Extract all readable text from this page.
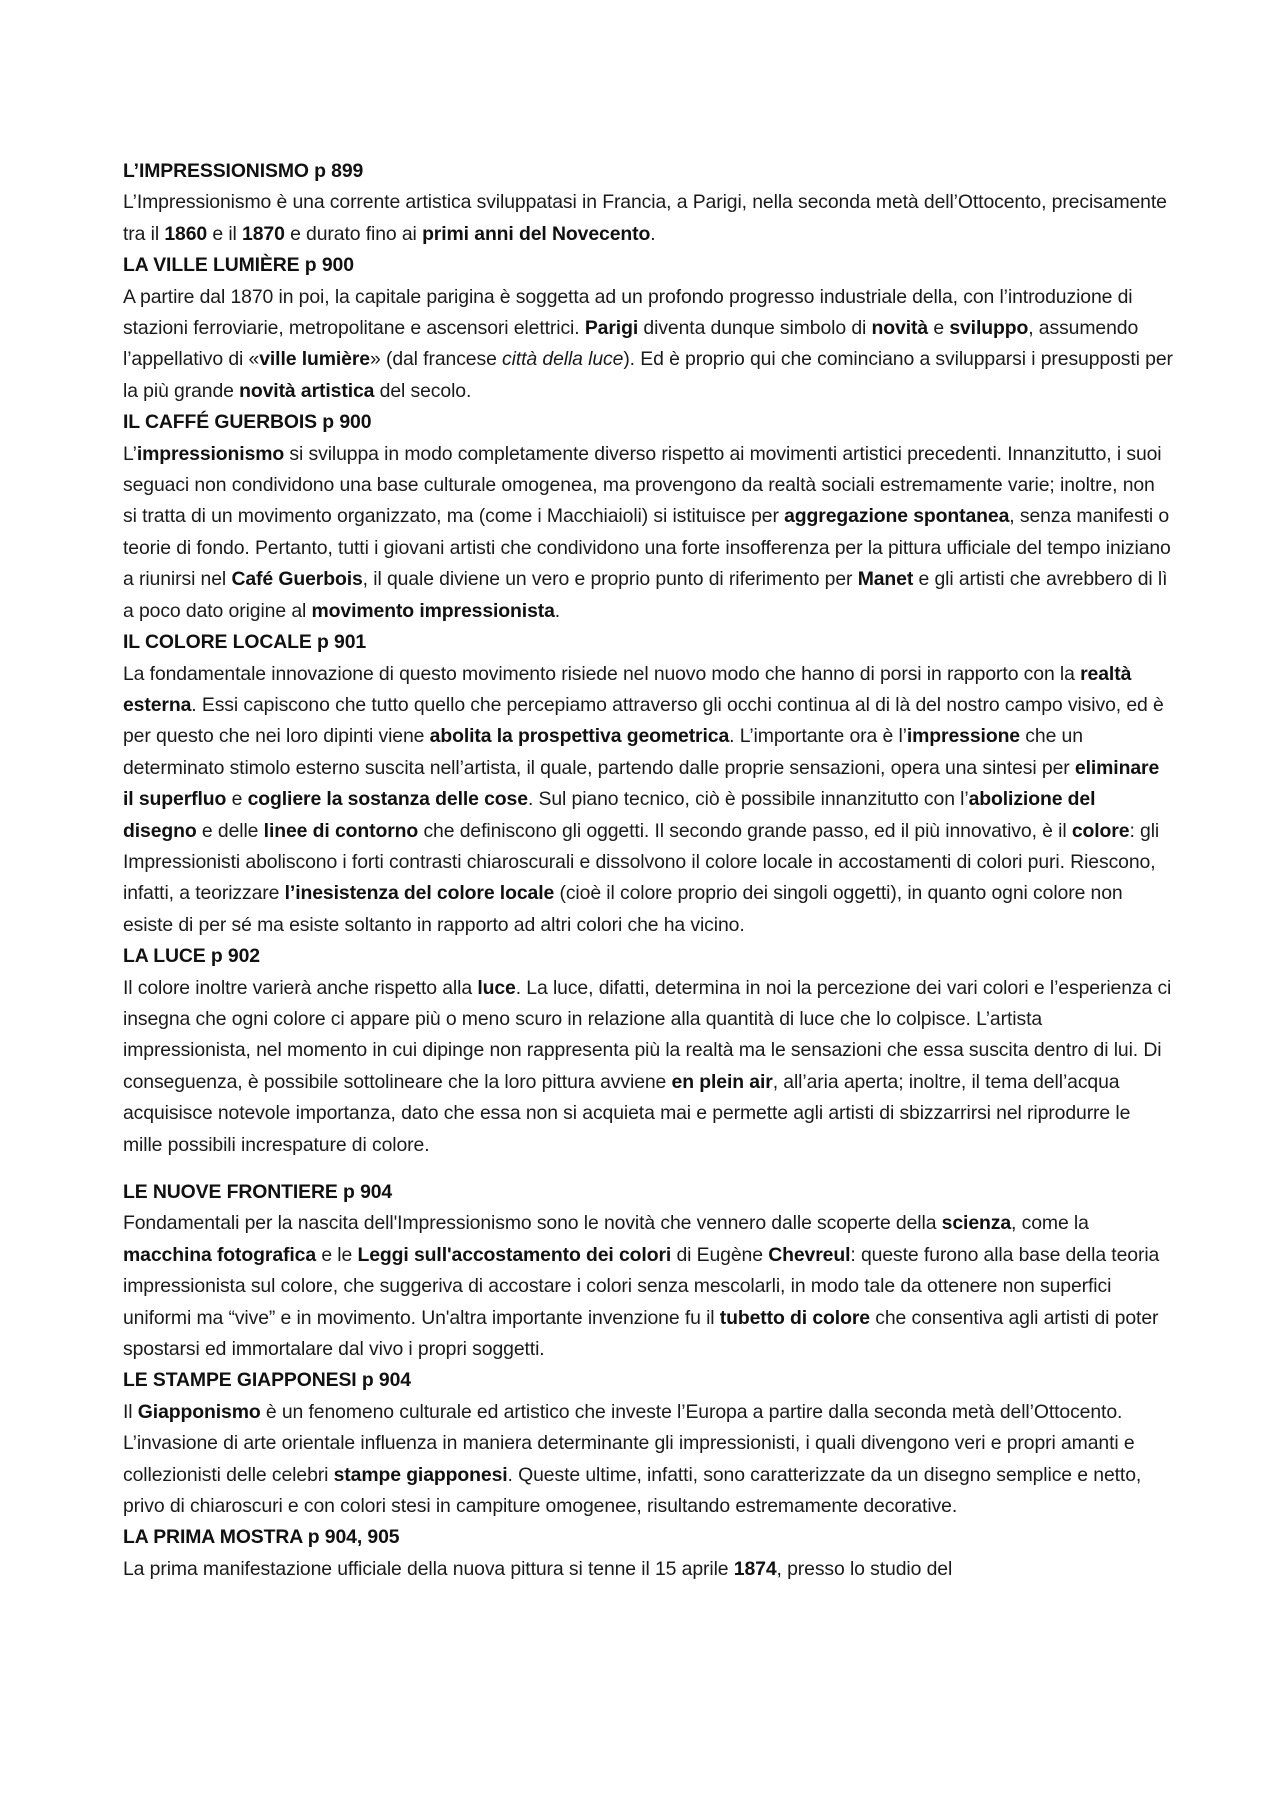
L’IMPRESSIONISMO p 899
L’Impressionismo è una corrente artistica sviluppatasi in Francia, a Parigi, nella seconda metà dell’Ottocento, precisamente tra il 1860 e il 1870 e durato fino ai primi anni del Novecento.
LA VILLE LUMIÈRE p 900
A partire dal 1870 in poi, la capitale parigina è soggetta ad un profondo progresso industriale della, con l’introduzione di stazioni ferroviarie, metropolitane e ascensori elettrici. Parigi diventa dunque simbolo di novità e sviluppo, assumendo l’appellativo di «ville lumière» (dal francese città della luce). Ed è proprio qui che cominciano a svilupparsi i presupposti per la più grande novità artistica del secolo.
IL CAFFÉ GUERBOIS p 900
L’impressionismo si sviluppa in modo completamente diverso rispetto ai movimenti artistici precedenti. Innanzitutto, i suoi seguaci non condividono una base culturale omogenea, ma provengono da realtà sociali estremamente varie; inoltre, non si tratta di un movimento organizzato, ma (come i Macchiaioli) si istituisce per aggregazione spontanea, senza manifesti o teorie di fondo. Pertanto, tutti i giovani artisti che condividono una forte insofferenza per la pittura ufficiale del tempo iniziano a riunirsi nel Café Guerbois, il quale diviene un vero e proprio punto di riferimento per Manet e gli artisti che avrebbero di lì a poco dato origine al movimento impressionista.
IL COLORE LOCALE p 901
La fondamentale innovazione di questo movimento risiede nel nuovo modo che hanno di porsi in rapporto con la realtà esterna. Essi capiscono che tutto quello che percepiamo attraverso gli occhi continua al di là del nostro campo visivo, ed è per questo che nei loro dipinti viene abolita la prospettiva geometrica. L’importante ora è l’impressione che un determinato stimolo esterno suscita nell’artista, il quale, partendo dalle proprie sensazioni, opera una sintesi per eliminare il superfluo e cogliere la sostanza delle cose. Sul piano tecnico, ciò è possibile innanzitutto con l’abolizione del disegno e delle linee di contorno che definiscono gli oggetti. Il secondo grande passo, ed il più innovativo, è il colore: gli Impressionisti aboliscono i forti contrasti chiaroscurali e dissolvono il colore locale in accostamenti di colori puri. Riescono, infatti, a teorizzare l’inesistenza del colore locale (cioè il colore proprio dei singoli oggetti), in quanto ogni colore non esiste di per sé ma esiste soltanto in rapporto ad altri colori che ha vicino.
LA LUCE p 902
Il colore inoltre varierà anche rispetto alla luce. La luce, difatti, determina in noi la percezione dei vari colori e l’esperienza ci insegna che ogni colore ci appare più o meno scuro in relazione alla quantità di luce che lo colpisce. L’artista impressionista, nel momento in cui dipinge non rappresenta più la realtà ma le sensazioni che essa suscita dentro di lui. Di conseguenza, è possibile sottolineare che la loro pittura avviene en plein air, all’aria aperta; inoltre, il tema dell’acqua acquisisce notevole importanza, dato che essa non si acquieta mai e permette agli artisti di sbizzarrirsi nel riprodurre le mille possibili increspature di colore.
LE NUOVE FRONTIERE p 904
Fondamentali per la nascita dell'Impressionismo sono le novità che vennero dalle scoperte della scienza, come la macchina fotografica e le Leggi sull'accostamento dei colori di Eugène Chevreul: queste furono alla base della teoria impressionista sul colore, che suggeriva di accostare i colori senza mescolarli, in modo tale da ottenere non superfici uniformi ma “vive” e in movimento. Un'altra importante invenzione fu il tubetto di colore che consentiva agli artisti di poter spostarsi ed immortalare dal vivo i propri soggetti.
LE STAMPE GIAPPONESI p 904
Il Giapponismo è un fenomeno culturale ed artistico che investe l’Europa a partire dalla seconda metà dell’Ottocento. L’invasione di arte orientale influenza in maniera determinante gli impressionisti, i quali divengono veri e propri amanti e collezionisti delle celebri stampe giapponesi. Queste ultime, infatti, sono caratterizzate da un disegno semplice e netto, privo di chiaroscuri e con colori stesi in campiture omogenee, risultando estremamente decorative.
LA PRIMA MOSTRA p 904, 905
La prima manifestazione ufficiale della nuova pittura si tenne il 15 aprile 1874, presso lo studio del
